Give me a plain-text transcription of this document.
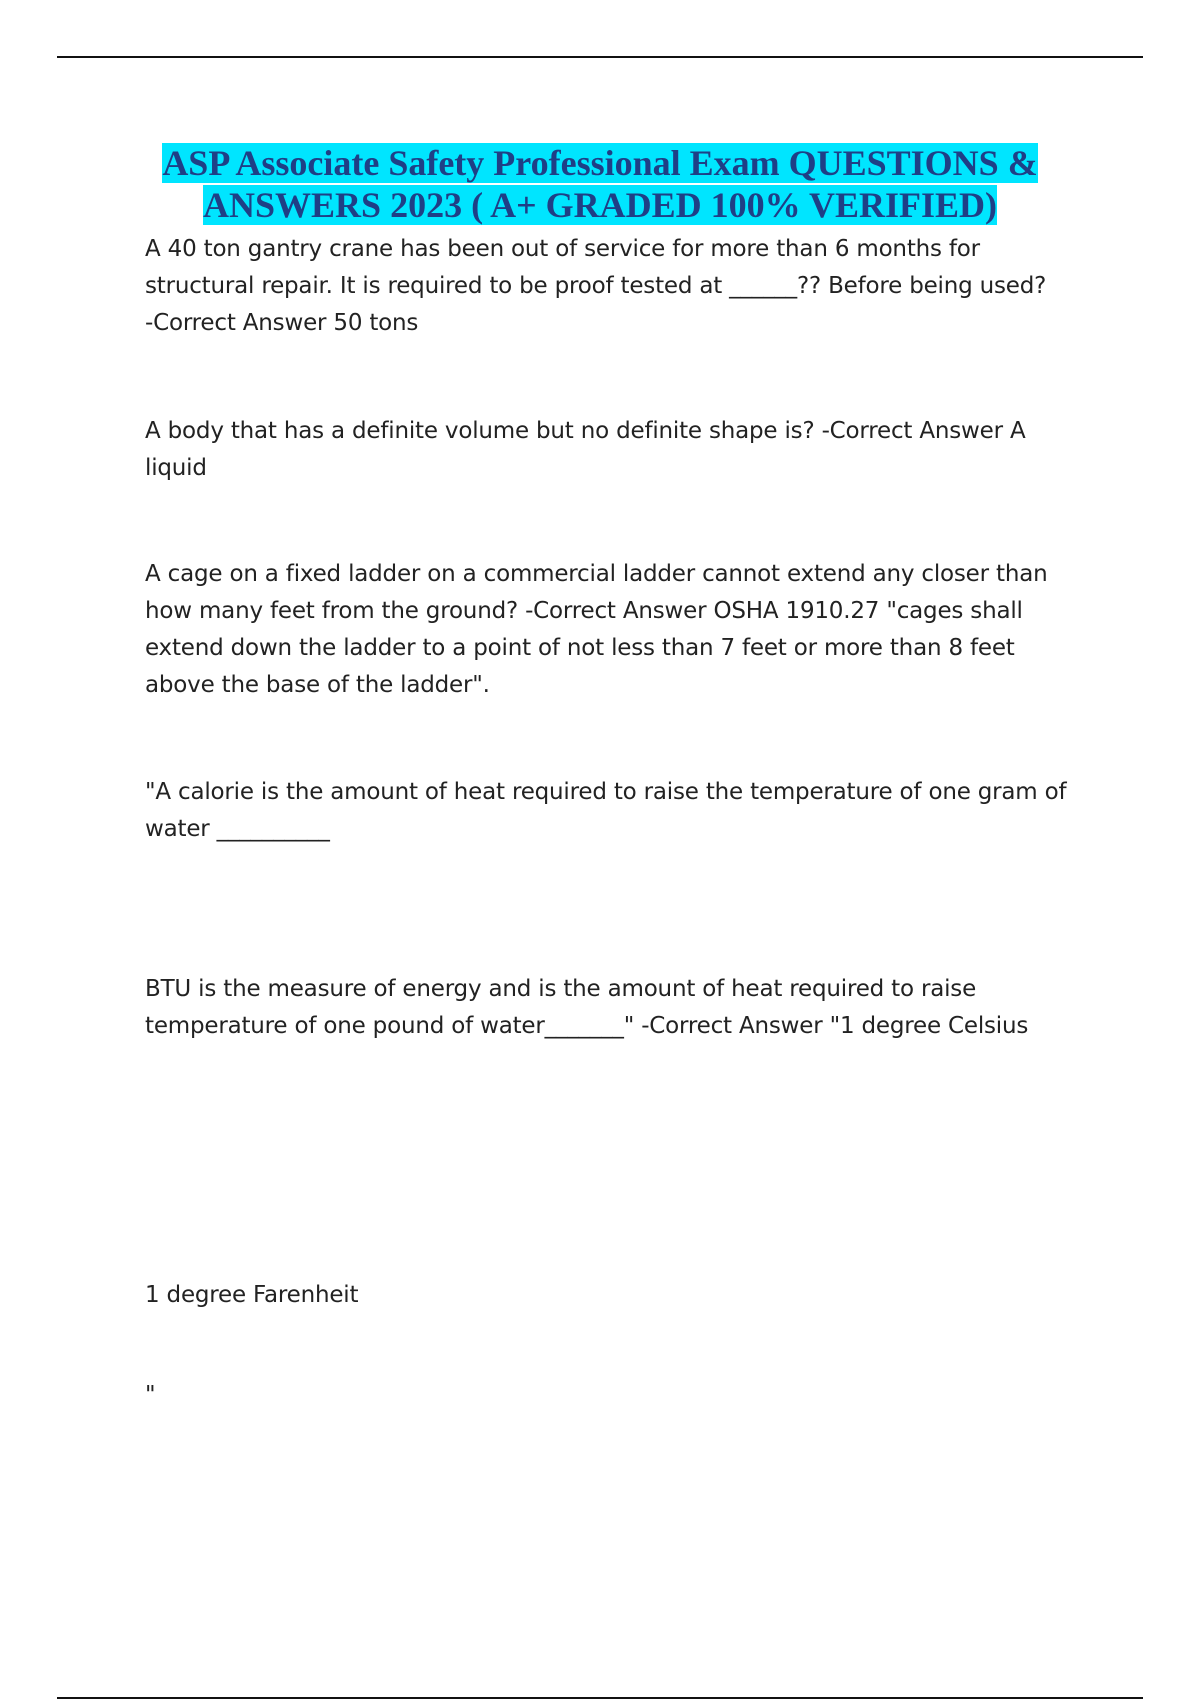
ASP Associate Safety Professional Exam QUESTIONS &
ANSWERS 2023 ( A+ GRADED 100% VERIFIED)

A 40 ton gantry crane has been out of service for more than 6 months for

structural repair. It is required to be proof tested at ______?? Before being used?

-Correct Answer 50 tons

A body that has a definite volume but no definite shape is? -Correct Answer A

liquid

A cage on a fixed ladder on a commercial ladder cannot extend any closer than

how many feet from the ground? -Correct Answer OSHA 1910.27 "cages shall

extend down the ladder to a point of not less than 7 feet or more than 8 feet

above the base of the ladder".

"A calorie is the amount of heat required to raise the temperature of one gram of

water __________

BTU is the measure of energy and is the amount of heat required to raise

temperature of one pound of water_______" -Correct Answer "1 degree Celsius

1 degree Farenheit

"
